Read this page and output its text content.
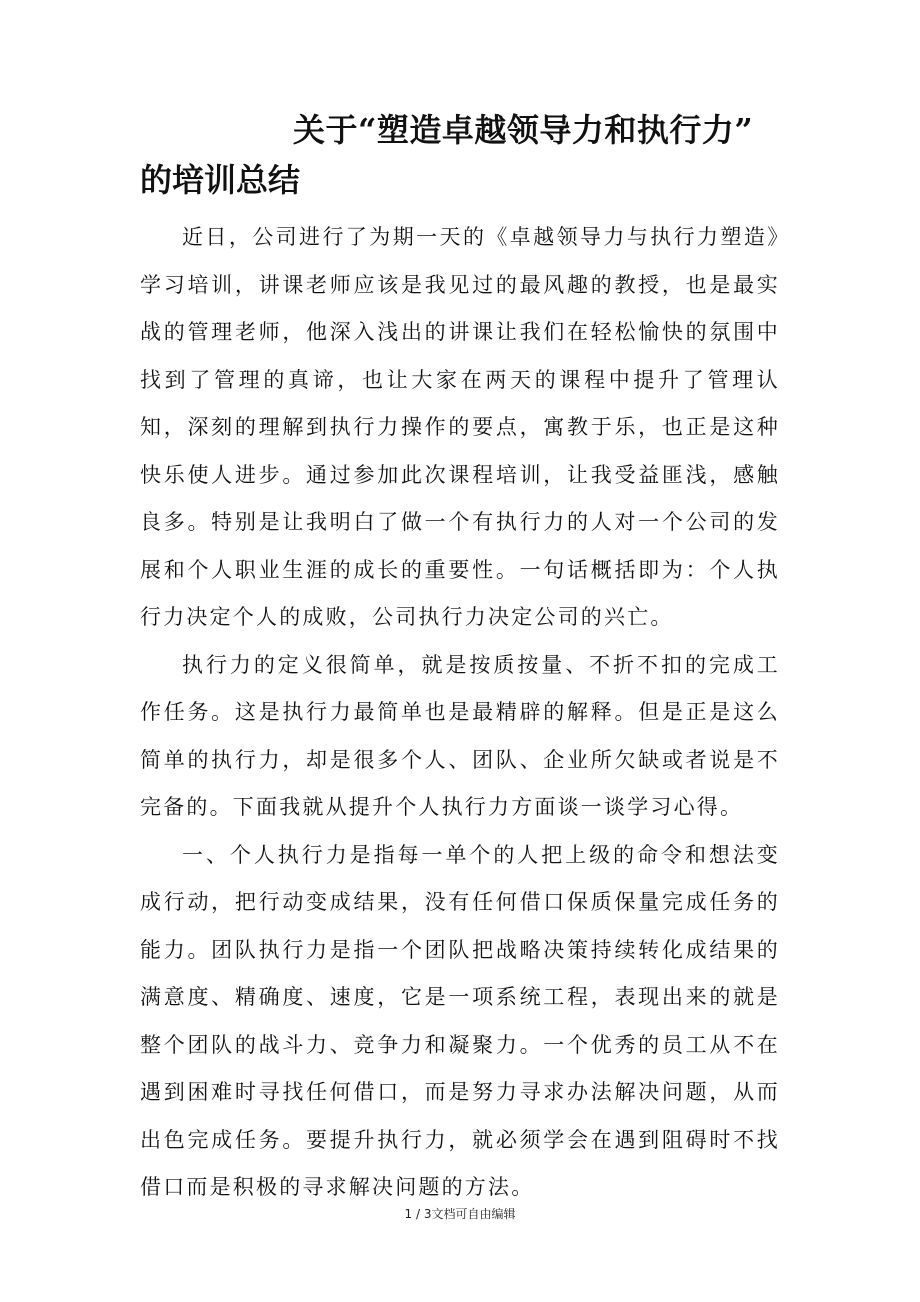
关于“塑造卓越领导力和执行力”
的培训总结

近日，公司进行了为期一天的《卓越领导力与执行力塑造》学习培训，讲课老师应该是我见过的最风趣的教授，也是最实战的管理老师，他深入浅出的讲课让我们在轻松愉快的氛围中找到了管理的真谛，也让大家在两天的课程中提升了管理认知，深刻的理解到执行力操作的要点，寓教于乐，也正是这种快乐使人进步。通过参加此次课程培训，让我受益匪浅，感触良多。特别是让我明白了做一个有执行力的人对一个公司的发展和个人职业生涯的成长的重要性。一句话概括即为：个人执行力决定个人的成败，公司执行力决定公司的兴亡。

执行力的定义很简单，就是按质按量、不折不扣的完成工作任务。这是执行力最简单也是最精辟的解释。但是正是这么简单的执行力，却是很多个人、团队、企业所欠缺或者说是不完备的。下面我就从提升个人执行力方面谈一谈学习心得。

一、个人执行力是指每一单个的人把上级的命令和想法变成行动，把行动变成结果，没有任何借口保质保量完成任务的能力。团队执行力是指一个团队把战略决策持续转化成结果的满意度、精确度、速度，它是一项系统工程，表现出来的就是整个团队的战斗力、竞争力和凝聚力。一个优秀的员工从不在遇到困难时寻找任何借口，而是努力寻求办法解决问题，从而出色完成任务。要提升执行力，就必须学会在遇到阻碍时不找借口而是积极的寻求解决问题的方法。

1 / 3文档可自由编辑
